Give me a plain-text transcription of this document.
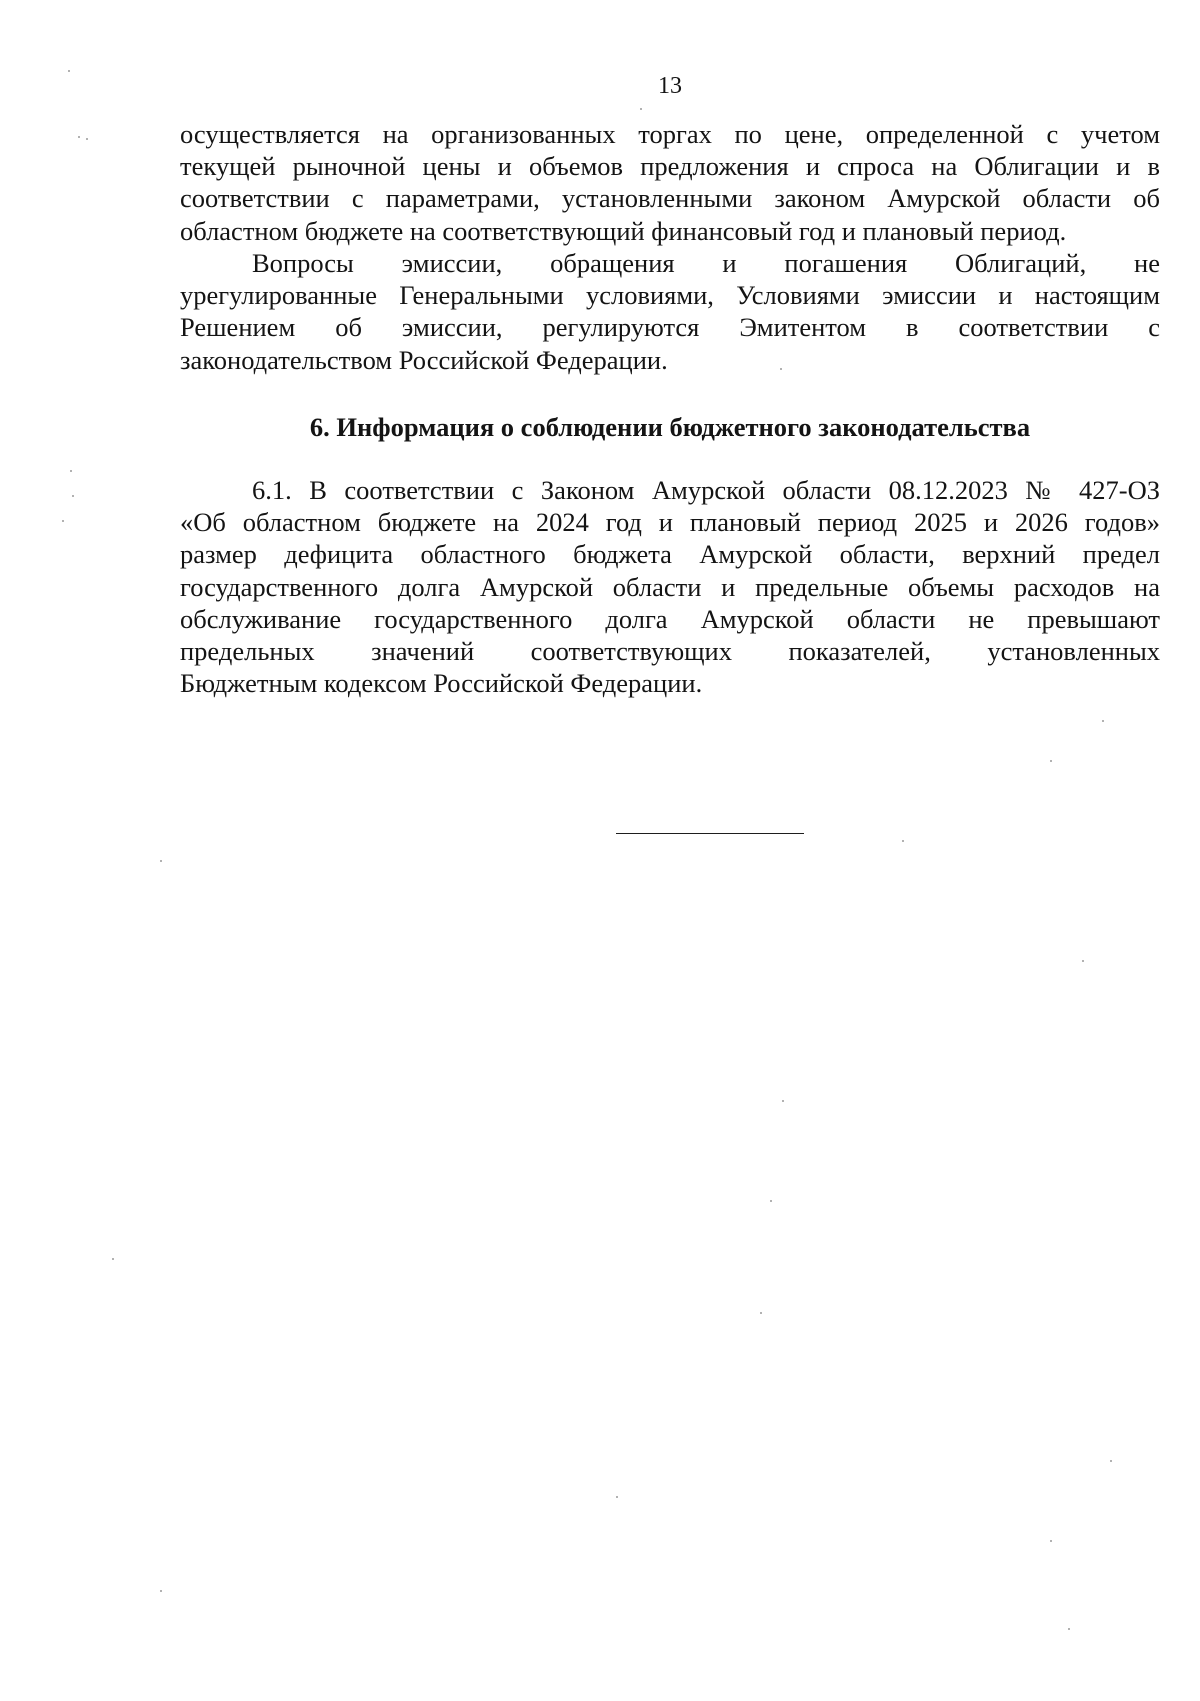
13
осуществляется на организованных торгах по цене, определенной с учетом
текущей рыночной цены и объемов предложения и спроса на Облигации и в
соответствии с параметрами, установленными законом Амурской области об
областном бюджете на соответствующий финансовый год и плановый период.
Вопросы эмиссии, обращения и погашения Облигаций, не
урегулированные Генеральными условиями, Условиями эмиссии и настоящим
Решением об эмиссии, регулируются Эмитентом в соответствии с
законодательством Российской Федерации.
6. Информация о соблюдении бюджетного законодательства
6.1. В соответствии с Законом Амурской области 08.12.2023 № 427-ОЗ
«Об областном бюджете на 2024 год и плановый период 2025 и 2026 годов»
размер дефицита областного бюджета Амурской области, верхний предел
государственного долга Амурской области и предельные объемы расходов на
обслуживание государственного долга Амурской области не превышают
предельных значений соответствующих показателей, установленных
Бюджетным кодексом Российской Федерации.
